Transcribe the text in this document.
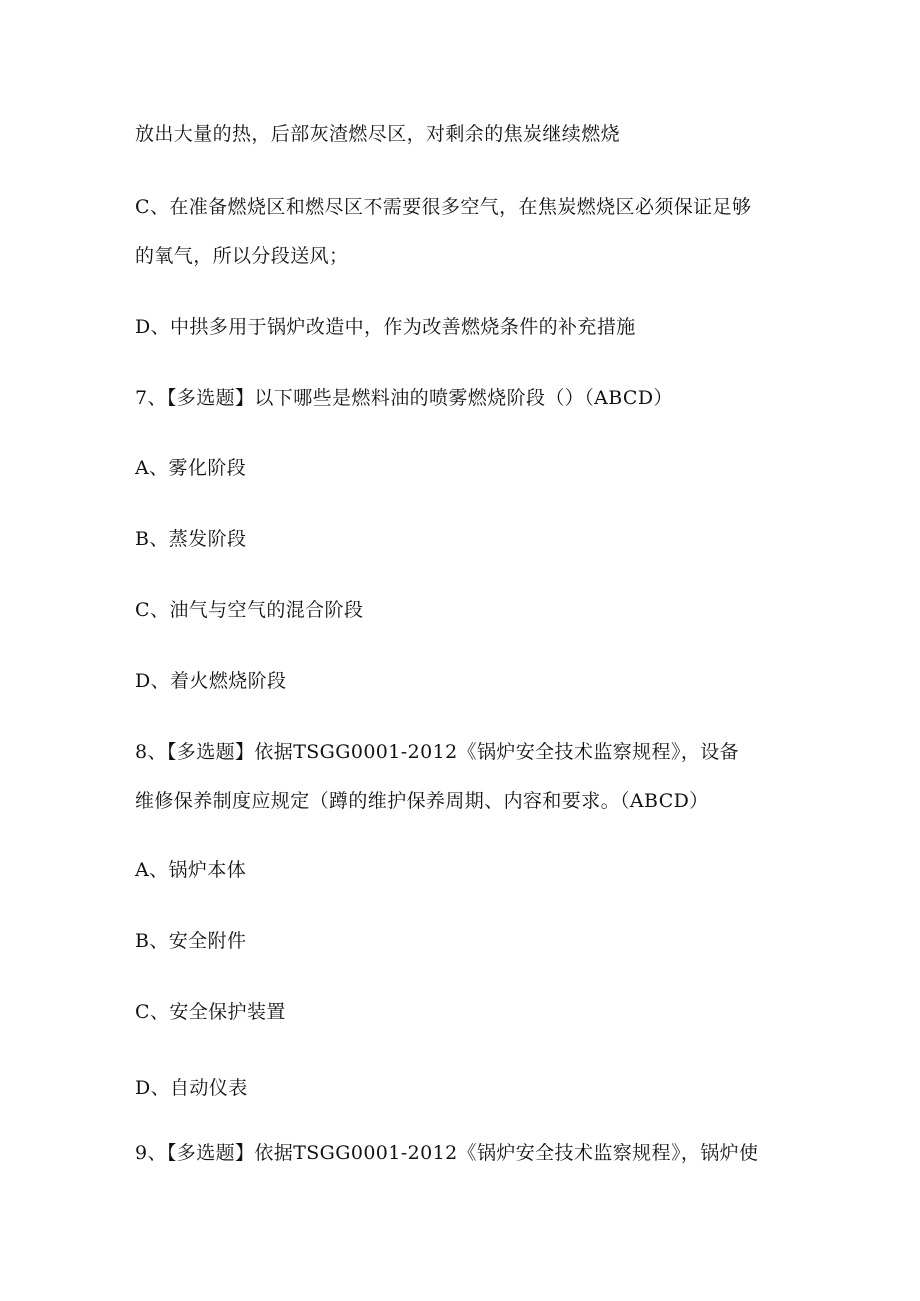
放出大量的热，后部灰渣燃尽区，对剩余的焦炭继续燃烧
C、在准备燃烧区和燃尽区不需要很多空气，在焦炭燃烧区必须保证足够
的氧气，所以分段送风；
D、中拱多用于锅炉改造中，作为改善燃烧条件的补充措施
7、【多选题】以下哪些是燃料油的喷雾燃烧阶段（）（ABCD）
A、雾化阶段
B、蒸发阶段
C、油气与空气的混合阶段
D、着火燃烧阶段
8、【多选题】依据TSGG0001-2012《锅炉安全技术监察规程》，设备
维修保养制度应规定（蹲的维护保养周期、内容和要求。（ABCD）
A、锅炉本体
B、安全附件
C、安全保护装置
D、自动仪表
9、【多选题】依据TSGG0001-2012《锅炉安全技术监察规程》，锅炉使
